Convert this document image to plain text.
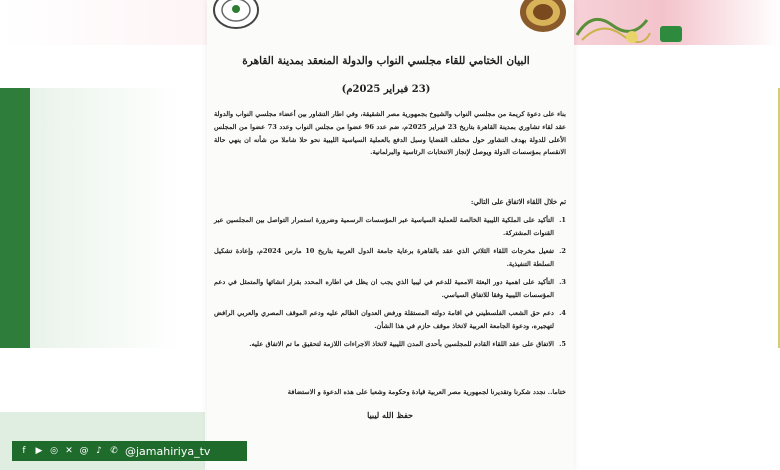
البيان الختامي للقاء مجلسي النواب والدولة المنعقد بمدينة القاهرة
(23 فبراير 2025م)
بناء على دعوة كريمة من مجلسي النواب والشيوخ بجمهورية مصر الشقيقة، وفي اطار التشاور بين أعضاء مجلسي النواب والدولة عقد لقاء تشاوري بمدينة القاهرة بتاريخ 23 فبراير 2025م، ضم عدد 96 عضوا من مجلس النواب وعدد 73 عضوا من المجلس الأعلى للدولة بهدف التشاور حول مختلف القضايا وسبل الدفع بالعملية السياسية الليبية نحو حلا شاملا من شأنه ان ينهي حالة الانقسام بمؤسسات الدولة ويوصل لإنجاز الانتخابات الرئاسية والبرلمانية.
تم خلال اللقاء الاتفاق على التالي:
1.
التأكيد على الملكية الليبية الخالصة للعملية السياسية عبر المؤسسات الرسمية وضرورة استمرار التواصل بين المجلسين عبر القنوات المشتركة.
2.
تفعيل مخرجات اللقاء الثلاثي الذي عقد بالقاهرة برعاية جامعة الدول العربية بتاريخ 10 مارس 2024م، وإعادة تشكيل السلطة التنفيذية.
3.
التأكيد على اهمية دور البعثة الاممية للدعم في ليبيا الذي يجب ان يظل في اطاره المحدد بقرار انشائها والمتمثل في دعم المؤسسات الليبية وفقا للاتفاق السياسي.
4.
دعم حق الشعب الفلسطيني في اقامة دولته المستقلة ورفض العدوان الظالم عليه ودعم الموقف المصري والعربي الرافض لتهجيره، ودعوة الجامعة العربية لاتخاذ موقف حازم في هذا الشأن.
5.
الاتفاق على عقد اللقاء القادم للمجلسين بأحدى المدن الليبية لاتخاذ الاجراءات اللازمة لتحقيق ما تم الاتفاق عليه.
ختاما.. نجدد شكرنا وتقديرنا لجمهورية مصر العربية قيادة وحكومة وشعبا على هذه الدعوة و الاستضافة
حفظ الله ليبيا
f	▶ ◎ ✕ @ ♪ ✆ @jamahiriya_tv
